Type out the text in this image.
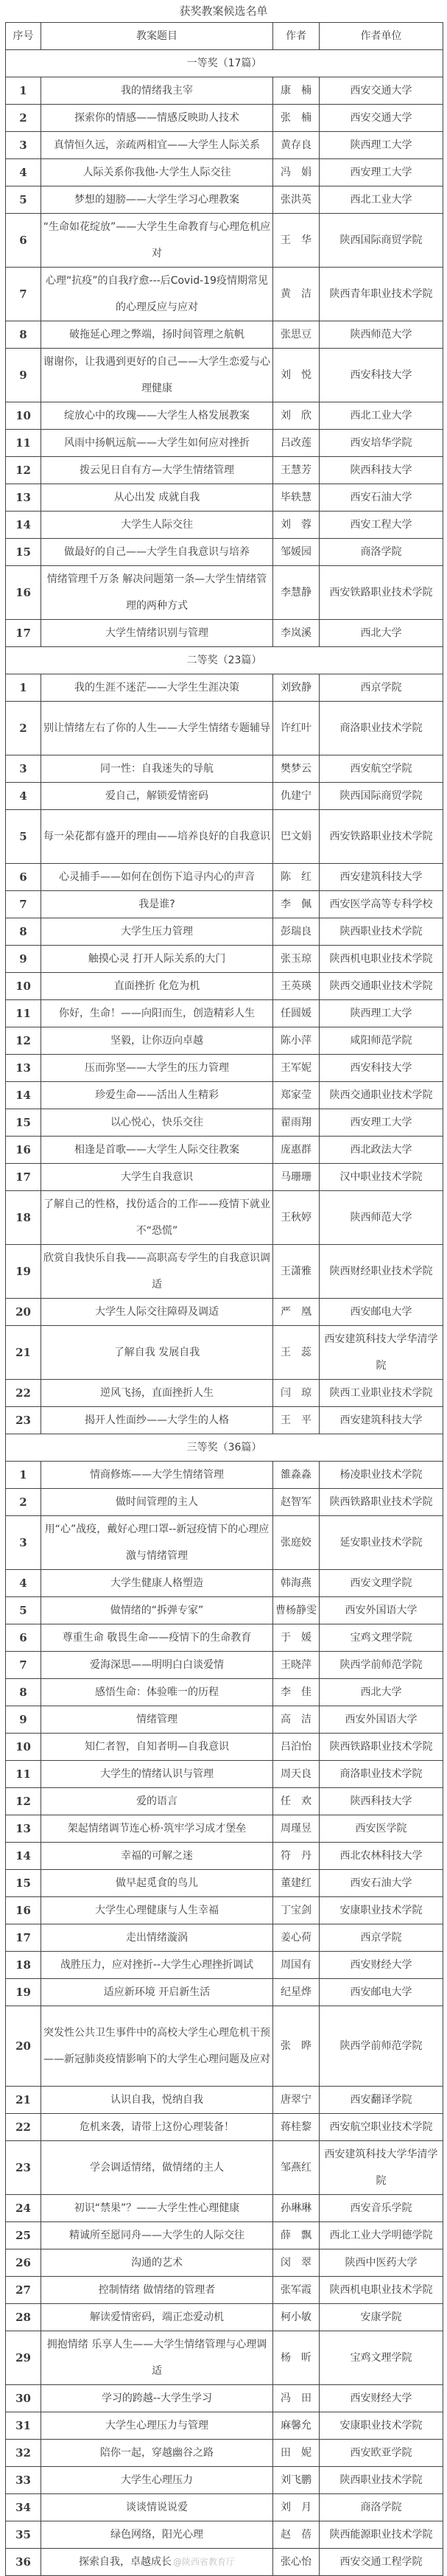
获奖教案候选名单
序号	教案题目	作者	作者单位
一等奖（17篇）			
1	我的情绪我主宰	康　楠	西安交通大学
2	探索你的情感——情感反映助人技术	张　楠	西安交通大学
3	真情恒久远，亲疏两相宜——大学生人际关系	黄存良	陕西理工大学
4	人际关系你我他-大学生人际交往	冯　娟	西安理工大学
5	梦想的翅膀——大学生学习心理教案	张洪英	西北工业大学
6	“生命如花绽放”——大学生生命教育与心理危机应对	王　华	陕西国际商贸学院
7	心理“抗疫”的自我疗愈---后Covid-19疫情期常见的心理反应与应对	黄　洁	陕西青年职业技术学院
8	破拖延心理之弊端，扬时间管理之航帆	张思豆	陕西师范大学
9	谢谢你，让我遇到更好的自己——大学生恋爱与心理健康	刘　悦	西安科技大学
10	绽放心中的玫瑰——大学生人格发展教案	刘　欣	西北工业大学
11	风雨中扬帆远航——大学生如何应对挫折	吕改莲	西安培华学院
12	拨云见日自有方—大学生情绪管理	王慧芳	陕西科技大学
13	从心出发 成就自我	毕轶慧	西安石油大学
14	大学生人际交往	刘　蓉	西安工程大学
15	做最好的自己——大学生自我意识与培养	邹媛园	商洛学院
16	情绪管理千万条 解决问题第一条—大学生情绪管理的两种方式	李慧静	西安铁路职业技术学院
17	大学生情绪识别与管理	李岚溪	西北大学
二等奖（23篇）			
1	我的生涯不迷茫——大学生生涯决策	刘致静	西京学院
2	别让情绪左右了你的人生——大学生情绪专题辅导	许红叶	商洛职业技术学院
3	同一性：自我迷失的导航	樊梦云	西安航空学院
4	爱自己，解锁爱情密码	仇建宁	陕西国际商贸学院
5	每一朵花都有盛开的理由——培养良好的自我意识	巴文娟	西安铁路职业技术学院
6	心灵捕手——如何在创伤下追寻内心的声音	陈　红	西安建筑科技大学
7	我是谁?	李　佩	西安医学高等专科学校
8	大学生压力管理	彭瑞良	陕西职业技术学院
9	触摸心灵 打开人际关系的大门	张玉琼	陕西机电职业技术学院
10	直面挫折 化危为机	王英瑛	陕西交通职业技术学院
11	你好，生命！——向阳而生，创造精彩人生	任圆媛	陕西理工大学
12	坚毅，让你迈向卓越	陈小萍	咸阳师范学院
13	压而弥坚——大学生的压力管理	王军妮	西安科技大学
14	珍爱生命——活出人生精彩	郑家莹	陕西交通职业技术学院
15	以心悦心，快乐交往	翟雨翔	西安理工大学
16	相逢是首歌——大学生人际交往教案	庞惠群	西北政法大学
17	大学生自我意识	马珊珊	汉中职业技术学院
18	了解自己的性格，找份适合的工作——疫情下就业不“恐慌”	王秋婷	陕西师范大学
19	欣赏自我快乐自我——高职高专学生的自我意识调适	王潇雅	陕西财经职业技术学院
20	大学生人际交往障碍及调适	严　凰	西安邮电大学
21	了解自我 发展自我	王　蕊	西安建筑科技大学华清学院
22	逆风飞扬，直面挫折人生	闫　琼	陕西工业职业技术学院
23	揭开人性面纱——大学生的人格	王　平	西安建筑科技大学
三等奖（36篇）			
1	情商修炼——大学生情绪管理	雒淼淼	杨凌职业技术学院
2	做时间管理的主人	赵智军	陕西铁路职业技术学院
3	用“心”战疫，戴好心理口罩--新冠疫情下的心理应激与情绪管理	张庭姣	延安职业技术学院
4	大学生健康人格塑造	韩海燕	西安文理学院
5	做情绪的“拆弹专家”	曹杨静雯	西安外国语大学
6	尊重生命 敬畏生命——疫情下的生命教育	于　媛	宝鸡文理学院
7	爱海深思——明明白白谈爱情	王晓萍	陕西学前师范学院
8	感悟生命：体验唯一的历程	李　佳	西北大学
9	情绪管理	高　洁	西安外国语大学
10	知仁者智，自知者明—自我意识	吕泊怡	陕西铁路职业技术学院
11	大学生的情绪认识与管理	周天良	商洛职业技术学院
12	爱的语言	任　欢	陕西科技大学
13	架起情绪调节连心桥·筑牢学习成才堡垒	周瑾昱	西安医学院
14	幸福的可解之迷	符　丹	西北农林科技大学
15	做早起觅食的鸟儿	董建红	西安石油大学
16	大学生心理健康与人生幸福	丁宝剑	安康职业技术学院
17	走出情绪漩涡	姜心荷	西京学院
18	战胜压力，应对挫折--大学生心理挫折调试	周国有	西安财经大学
19	适应新环境 开启新生活	纪星烨	西安邮电大学
20	突发性公共卫生事件中的高校大学生心理危机干预——新冠肺炎疫情影响下的大学生心理问题及应对	张　晔	陕西学前师范学院
21	认识自我，悦纳自我	唐翠宁	西安翻译学院
22	危机来袭，请带上这份心理装备！	蒋桂黎	西安航空职业技术学院
23	学会调适情绪，做情绪的主人	邹燕红	西安建筑科技大学华清学院
24	初识“禁果”？——大学生性心理健康	孙琳琳	西安音乐学院
25	精诚所至愿同舟——大学生的人际交往	薛　飘	西北工业大学明德学院
26	沟通的艺术	闵　翠	陕西中医药大学
27	控制情绪 做情绪的管理者	张军霞	陕西机电职业技术学院
28	解读爱情密码，端正恋爱动机	柯小敏	安康学院
29	拥抱情绪 乐享人生——大学生情绪管理与心理调适	杨　昕	宝鸡文理学院
30	学习的跨越--大学生学习	冯　田	西安财经大学
31	大学生心理压力与管理	麻馨允	安康职业技术学院
32	陪你一起，穿越幽谷之路	田　妮	西安欧亚学院
33	大学生心理压力	刘飞鹏	陕西职业技术学院
34	谈谈情说说爱	刘　月	商洛学院
35	绿色网络，阳光心理	赵　蓓	陕西能源职业技术学院
36	探索自我，卓越成长 @陕西省教育厅	张心怡	西安交通工程学院
